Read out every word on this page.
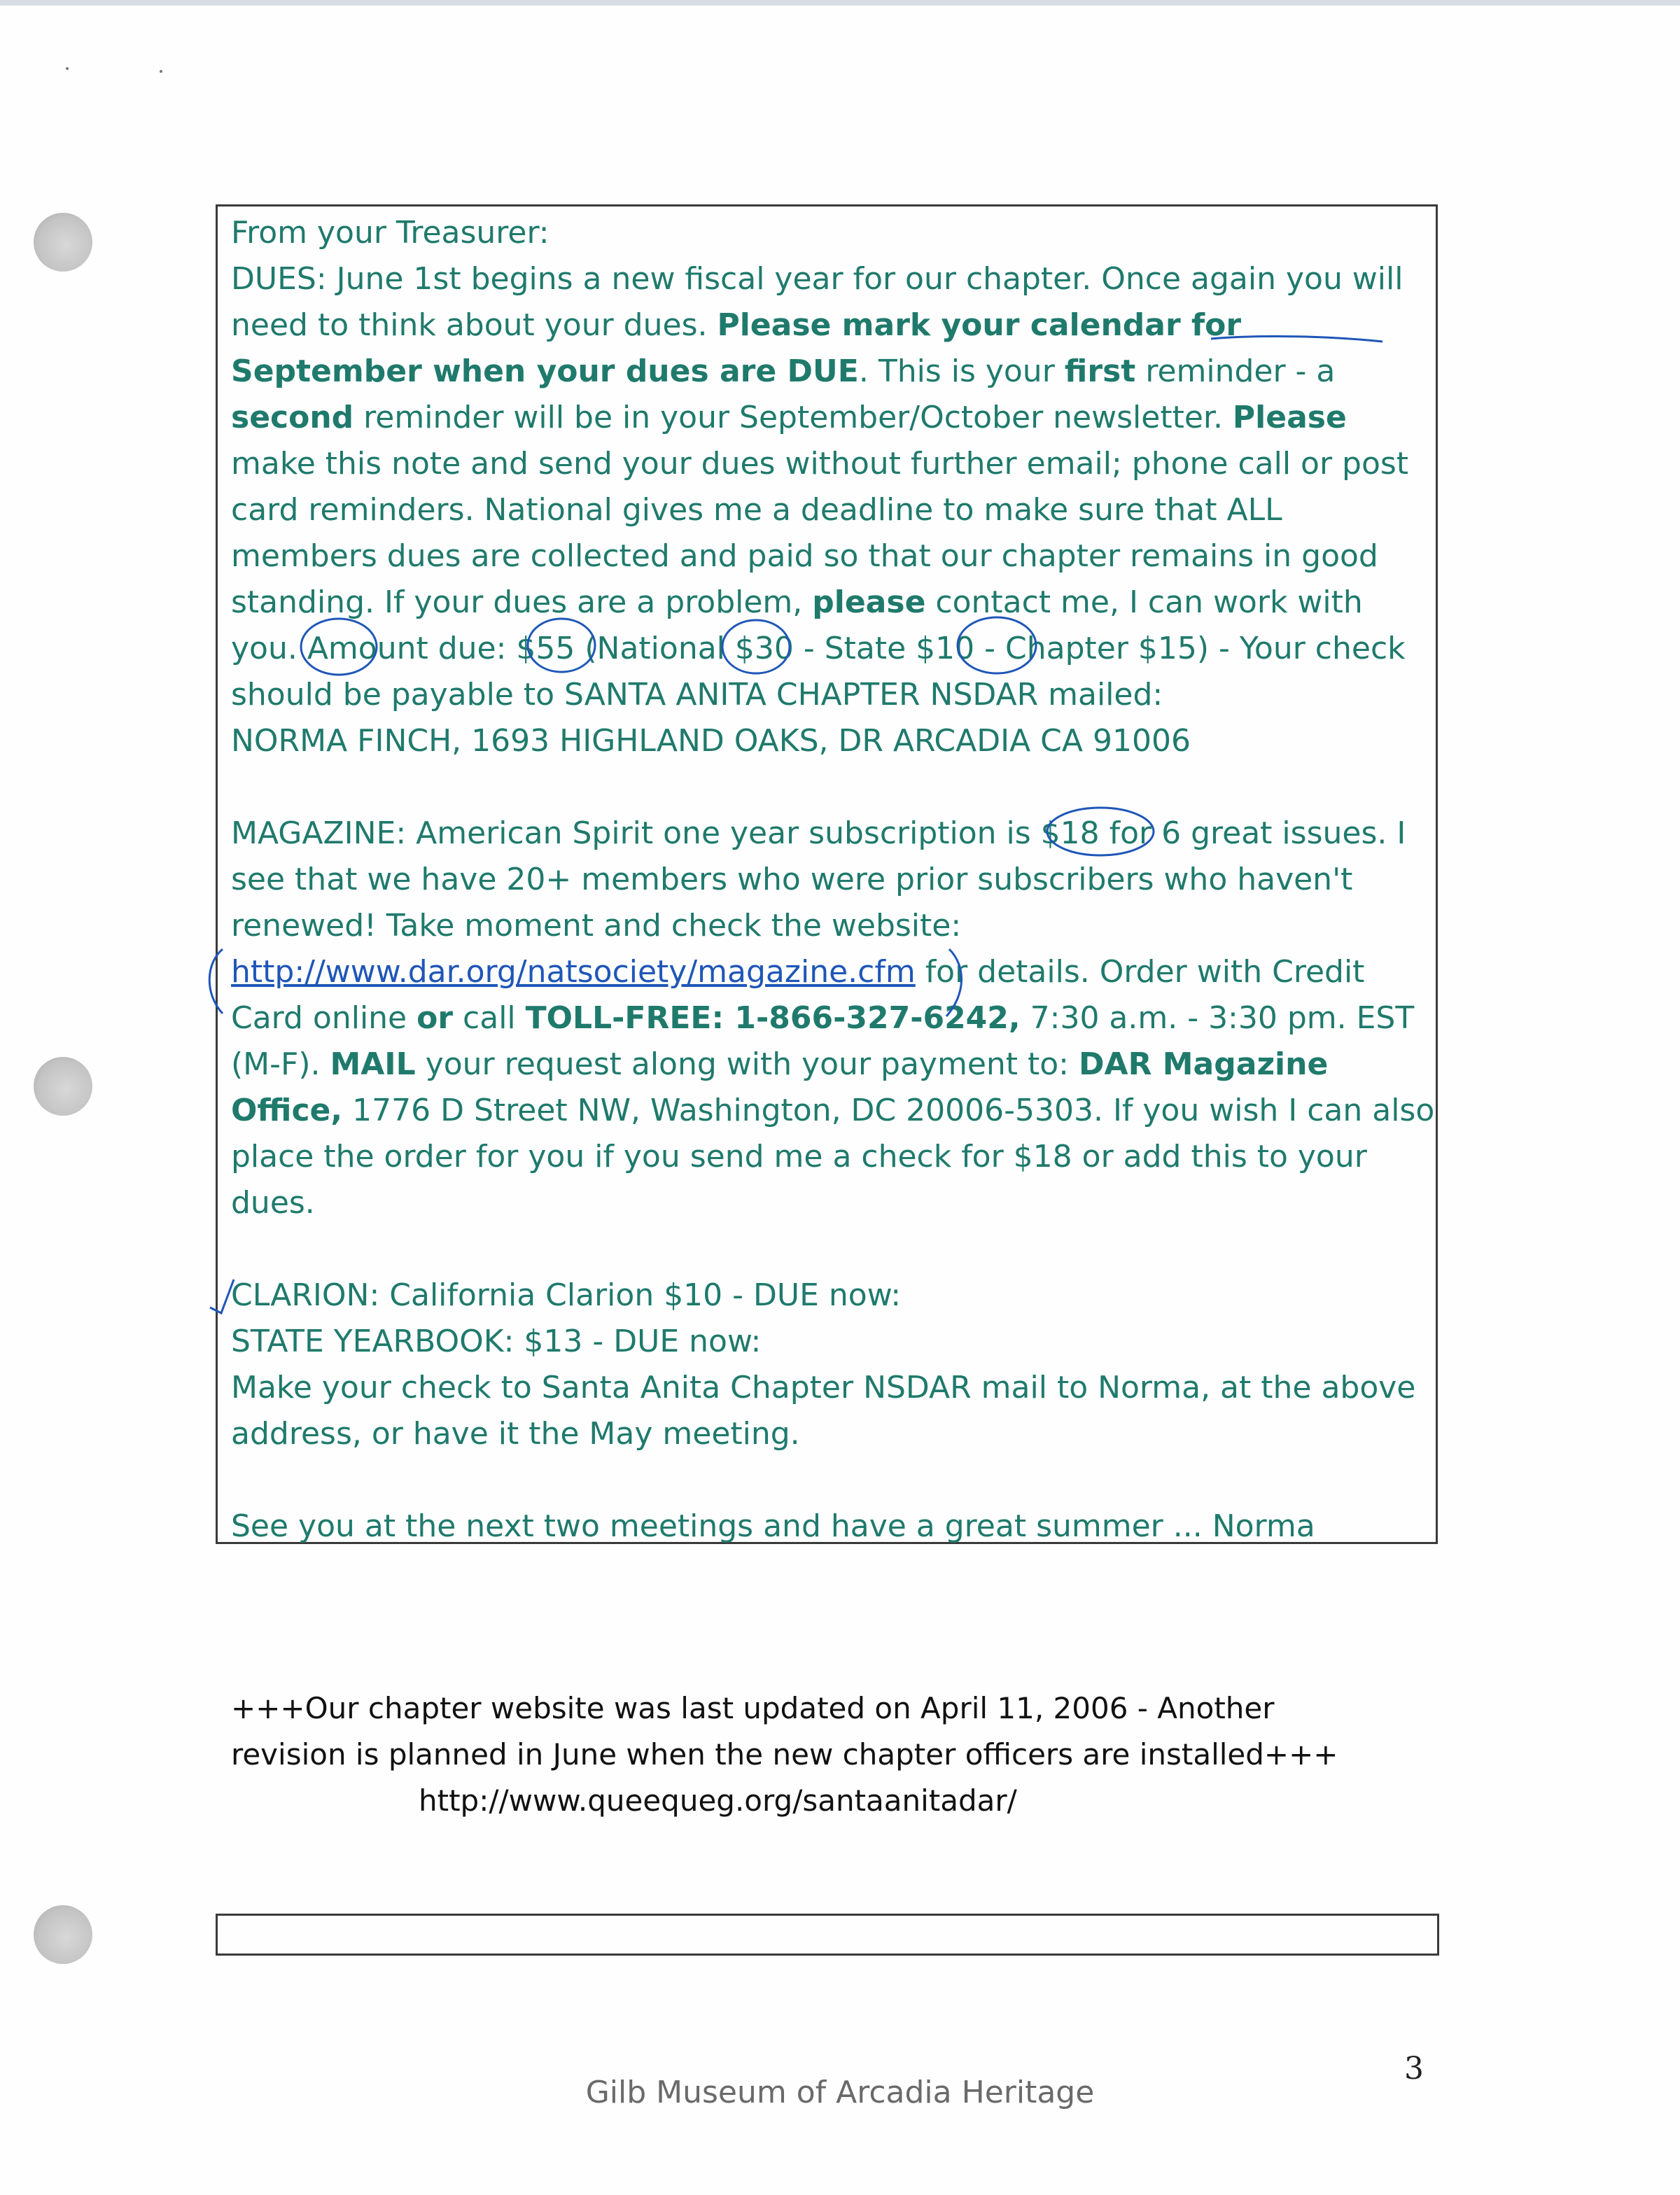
From your Treasurer:

DUES: June 1st begins a new fiscal year for our chapter. Once again you will need to think about your dues. Please mark your calendar for September when your dues are DUE. This is your first reminder - a second reminder will be in your September/October newsletter. Please make this note and send your dues without further email; phone call or post card reminders. National gives me a deadline to make sure that ALL members dues are collected and paid so that our chapter remains in good standing. If your dues are a problem, please contact me, I can work with you. Amount due: $55 (National $30 - State $10 - Chapter $15) - Your check should be payable to SANTA ANITA CHAPTER NSDAR mailed:

NORMA FINCH, 1693 HIGHLAND OAKS, DR ARCADIA CA 91006

MAGAZINE: American Spirit one year subscription is $18 for 6 great issues. I see that we have 20+ members who were prior subscribers who haven't renewed! Take moment and check the website:
http://www.dar.org/natsociety/magazine.cfm for details. Order with Credit Card online or call TOLL-FREE: 1-866-327-6242, 7:30 a.m. - 3:30 pm. EST (M-F). MAIL your request along with your payment to: DAR Magazine Office, 1776 D Street NW, Washington, DC 20006-5303. If you wish I can also place the order for you if you send me a check for $18 or add this to your dues.

CLARION: California Clarion $10 - DUE now:

STATE YEARBOOK: $13 - DUE now:

Make your check to Santa Anita Chapter NSDAR mail to Norma, at the above address, or have it the May meeting.

See you at the next two meetings and have a great summer ... Norma

+++Our chapter website was last updated on April 11, 2006 - Another

revision is planned in June when the new chapter officers are installed+++

http://www.queequeg.org/santaanitadar/

3
Gilb Museum of Arcadia Heritage
